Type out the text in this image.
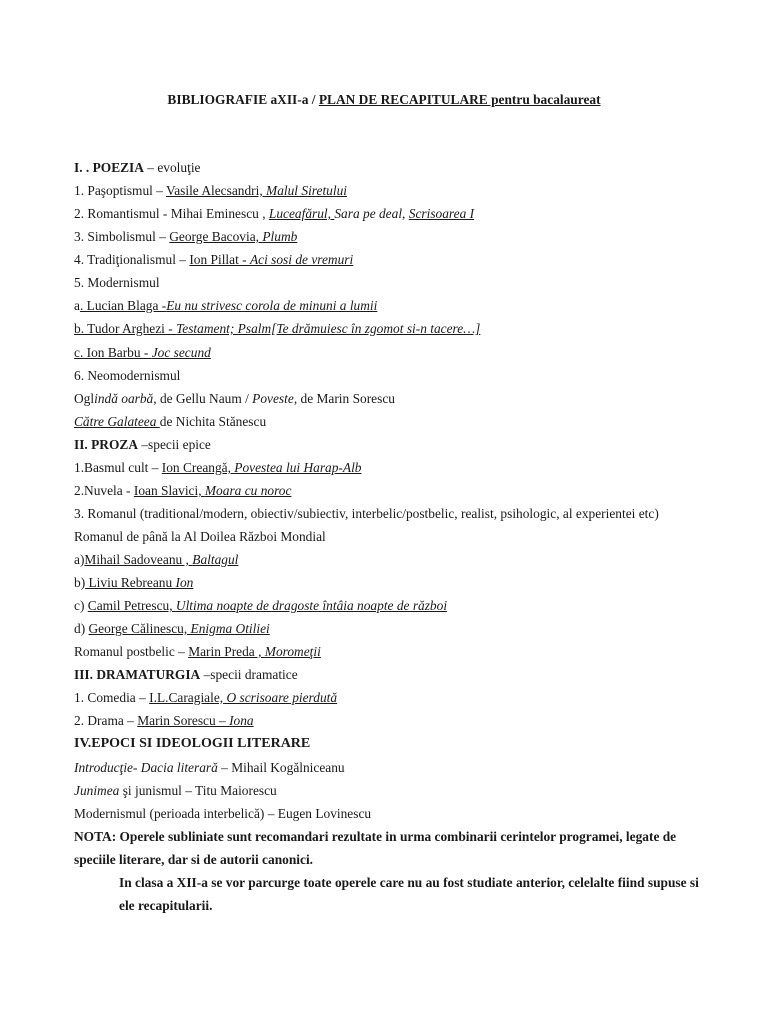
BIBLIOGRAFIE aXII-a / PLAN DE RECAPITULARE pentru bacalaureat
I. . POEZIA – evoluţie
1. Paşoptismul – Vasile Alecsandri, Malul Siretului
2. Romantismul - Mihai Eminescu , Luceafărul, Sara pe deal, Scrisoarea I
3. Simbolismul – George Bacovia, Plumb
4. Tradiţionalismul – Ion Pillat - Aci sosi de vremuri
5. Modernismul
a. Lucian Blaga -Eu nu strivesc corola de minuni a lumii
b. Tudor Arghezi - Testament; Psalm[Te drămuiesc în zgomot si-n tacere…]
c. Ion Barbu - Joc secund
6. Neomodernismul
Oglindă oarbă, de Gellu Naum / Poveste, de Marin Sorescu
Către Galateea de Nichita Stănescu
II. PROZA –specii epice
1.Basmul cult – Ion Creangă, Povestea lui Harap-Alb
2.Nuvela - Ioan Slavici, Moara cu noroc
3. Romanul (traditional/modern, obiectiv/subiectiv, interbelic/postbelic, realist, psihologic, al experientei etc)
Romanul de până la Al Doilea Război Mondial
a)Mihail Sadoveanu , Baltagul
b) Liviu Rebreanu Ion
c) Camil Petrescu, Ultima noapte de dragoste întâia noapte de război
d) George Călinescu, Enigma Otiliei
Romanul postbelic – Marin Preda , Moromeţii
III. DRAMATURGIA –specii dramatice
1. Comedia – I.L.Caragiale, O scrisoare pierdută
2. Drama – Marin Sorescu – Iona
IV.EPOCI SI IDEOLOGII LITERARE
Introducţie- Dacia literară – Mihail Kogălniceanu
Junimea şi junismul – Titu Maiorescu
Modernismul (perioada interbelică) – Eugen Lovinescu
NOTA: Operele subliniate sunt recomandari rezultate in urma combinarii cerintelor programei, legate de speciile literare, dar si de autorii canonici.
In clasa a XII-a se vor parcurge toate operele care nu au fost studiate anterior, celelalte fiind supuse si ele recapitularii.
